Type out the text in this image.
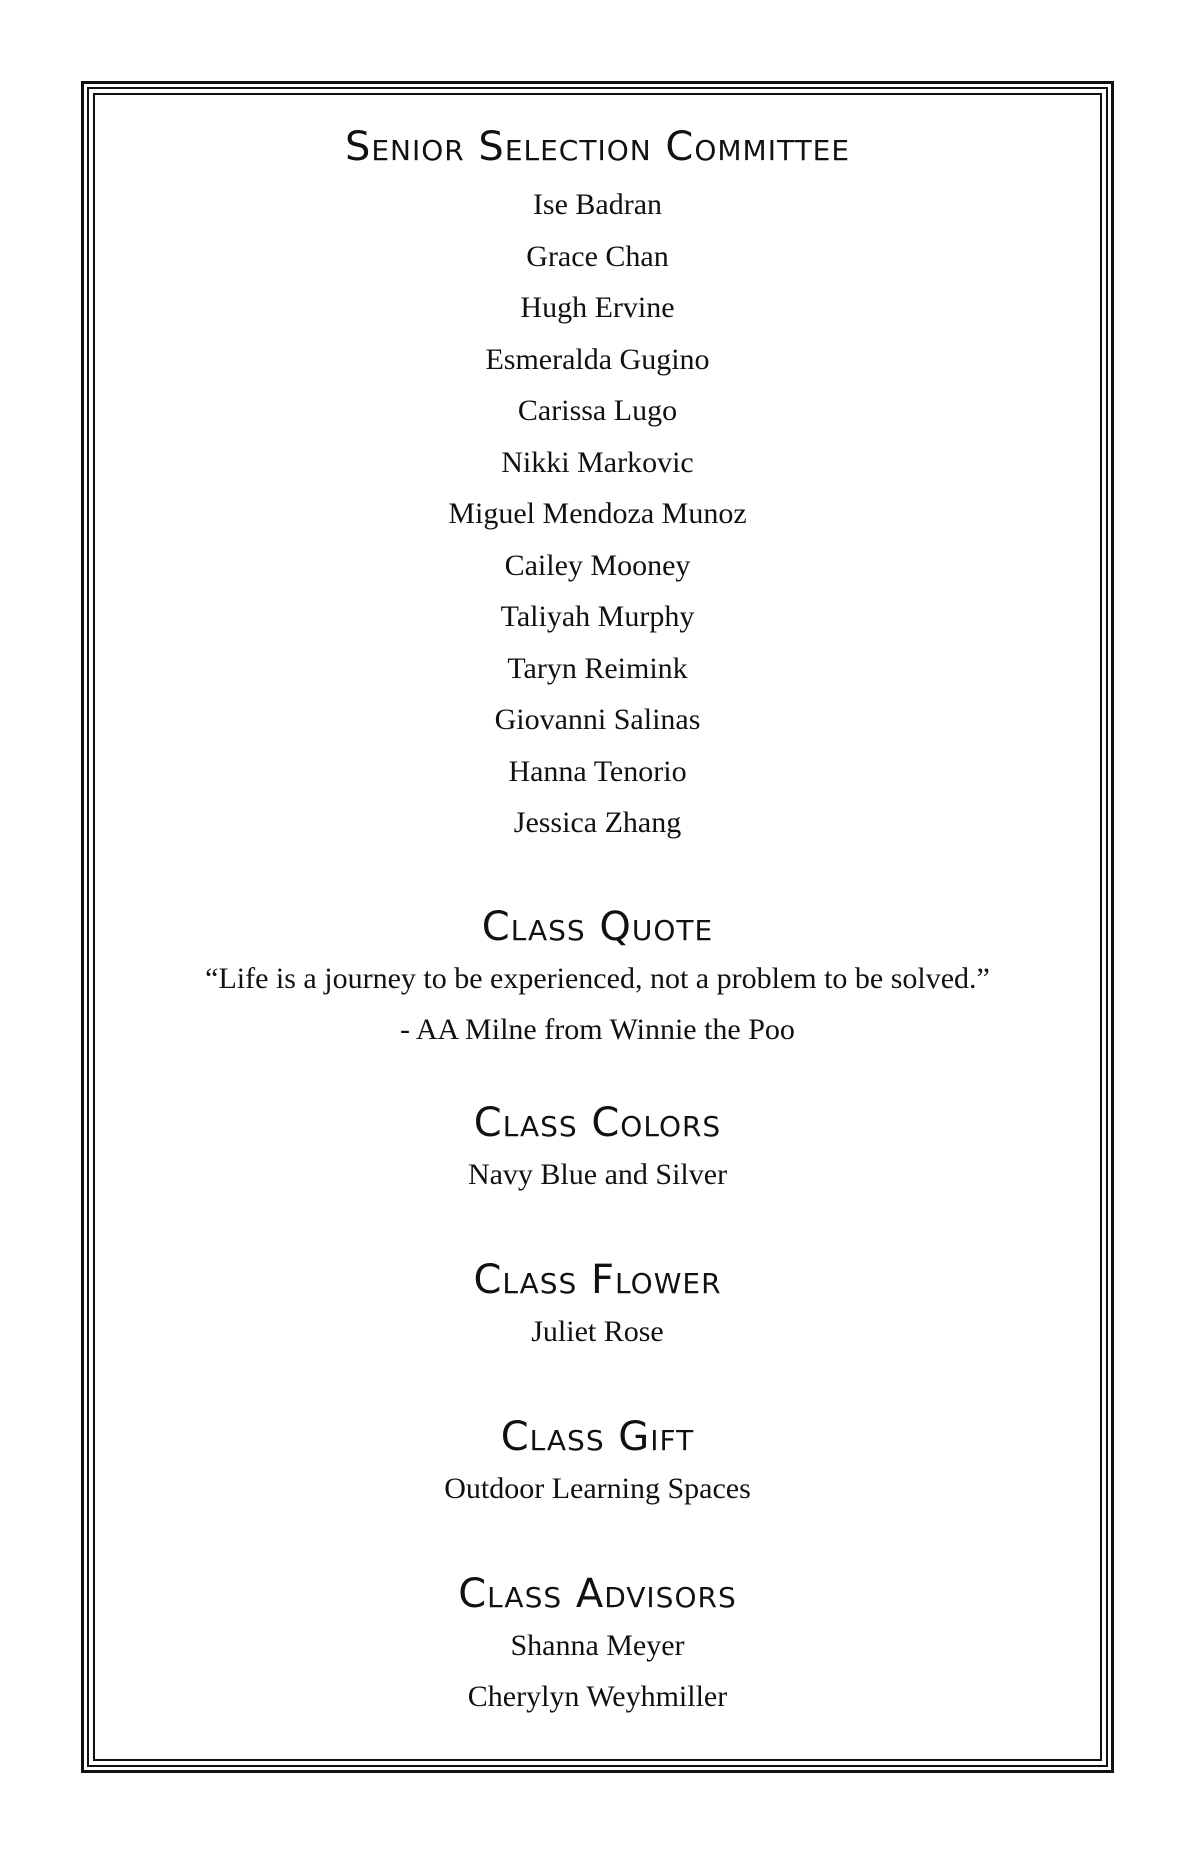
Senior Selection Committee
Ise Badran
Grace Chan
Hugh Ervine
Esmeralda Gugino
Carissa Lugo
Nikki Markovic
Miguel Mendoza Munoz
Cailey Mooney
Taliyah Murphy
Taryn Reimink
Giovanni Salinas
Hanna Tenorio
Jessica Zhang
Class Quote

“Life is a journey to be experienced, not a problem to be solved.”

- AA Milne from Winnie the Poo

Class Colors

Navy Blue and Silver

Class Flower

Juliet Rose

Class Gift

Outdoor Learning Spaces

Class Advisors

Shanna Meyer

Cherylyn Weyhmiller
